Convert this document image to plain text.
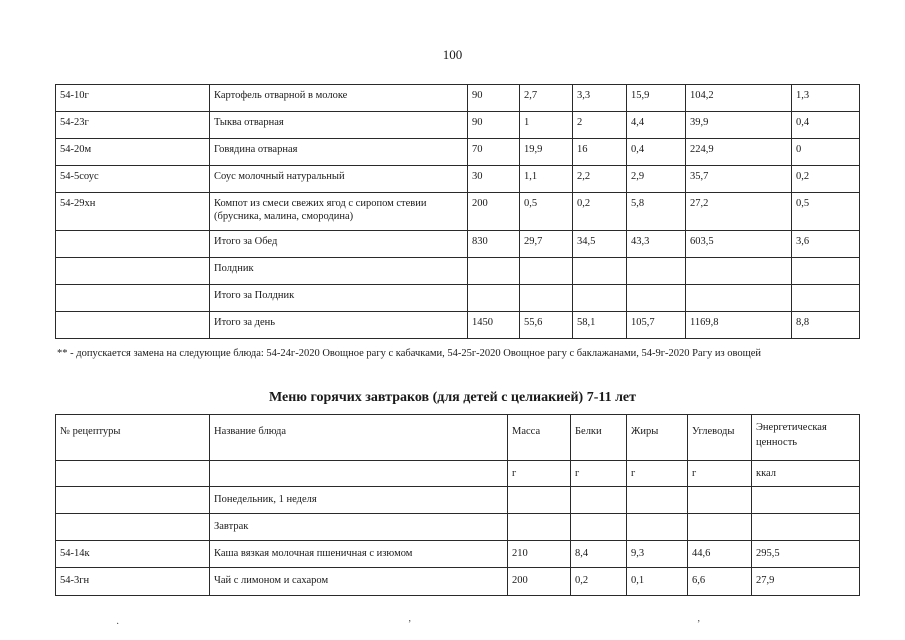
100
54-10г	Картофель отварной в молоке	90	2,7	3,3	15,9	104,2	1,3
54-23г	Тыква отварная	90	1	2	4,4	39,9	0,4
54-20м	Говядина отварная	70	19,9	16	0,4	224,9	0
54-5соус	Соус молочный натуральный	30	1,1	2,2	2,9	35,7	0,2
54-29хн	Компот из смеси свежих ягод с сиропом стевии (брусника, малина, смородина)	200	0,5	0,2	5,8	27,2	0,5
	Итого за Обед	830	29,7	34,5	43,3	603,5	3,6
	Полдник						
	Итого за Полдник						
	Итого за день	1450	55,6	58,1	105,7	1169,8	8,8
** - допускается замена на следующие блюда: 54-24г-2020 Овощное рагу с кабачками, 54-25г-2020 Овощное рагу с баклажанами, 54-9г-2020 Рагу из овощей
Меню горячих завтраков (для детей с целиакией) 7-11 лет
№ рецептуры	Название блюда	Масса	Белки	Жиры	Углеводы	Энергетическая ценность
		г	г	г	г	ккал
	Понедельник, 1 неделя					
	Завтрак					
54-14к	Каша вязкая молочная пшеничная с изюмом	210	8,4	9,3	44,6	295,5
54-3гн	Чай с лимоном и сахаром	200	0,2	0,1	6,6	27,9
·	ʼ	ʼ
